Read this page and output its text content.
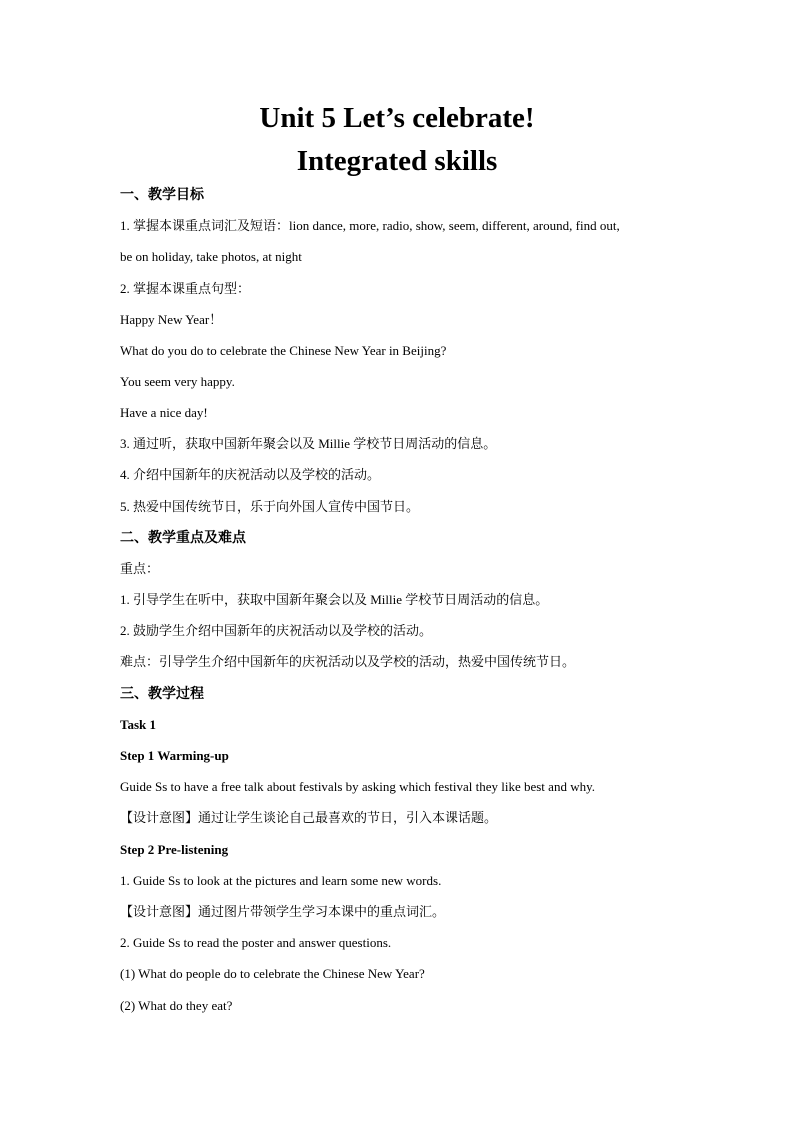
Unit 5 Let’s celebrate!
Integrated skills
一、教学目标
1. 掌握本课重点词汇及短语：lion dance, more, radio, show, seem, different, around, find out,
be on holiday, take photos, at night
2. 掌握本课重点句型：
Happy New Year！
What do you do to celebrate the Chinese New Year in Beijing?
You seem very happy.
Have a nice day!
3. 通过听，获取中国新年聚会以及 Millie 学校节日周活动的信息。
4. 介绍中国新年的庆祝活动以及学校的活动。
5. 热爱中国传统节日，乐于向外国人宣传中国节日。
二、教学重点及难点
重点：
1. 引导学生在听中，获取中国新年聚会以及 Millie 学校节日周活动的信息。
2. 鼓励学生介绍中国新年的庆祝活动以及学校的活动。
难点：引导学生介绍中国新年的庆祝活动以及学校的活动，热爱中国传统节日。
三、教学过程
Task 1
Step 1 Warming-up
Guide Ss to have a free talk about festivals by asking which festival they like best and why.
【设计意图】通过让学生谈论自己最喜欢的节日，引入本课话题。
Step 2 Pre-listening
1. Guide Ss to look at the pictures and learn some new words.
【设计意图】通过图片带领学生学习本课中的重点词汇。
2. Guide Ss to read the poster and answer questions.
(1) What do people do to celebrate the Chinese New Year?
(2) What do they eat?
